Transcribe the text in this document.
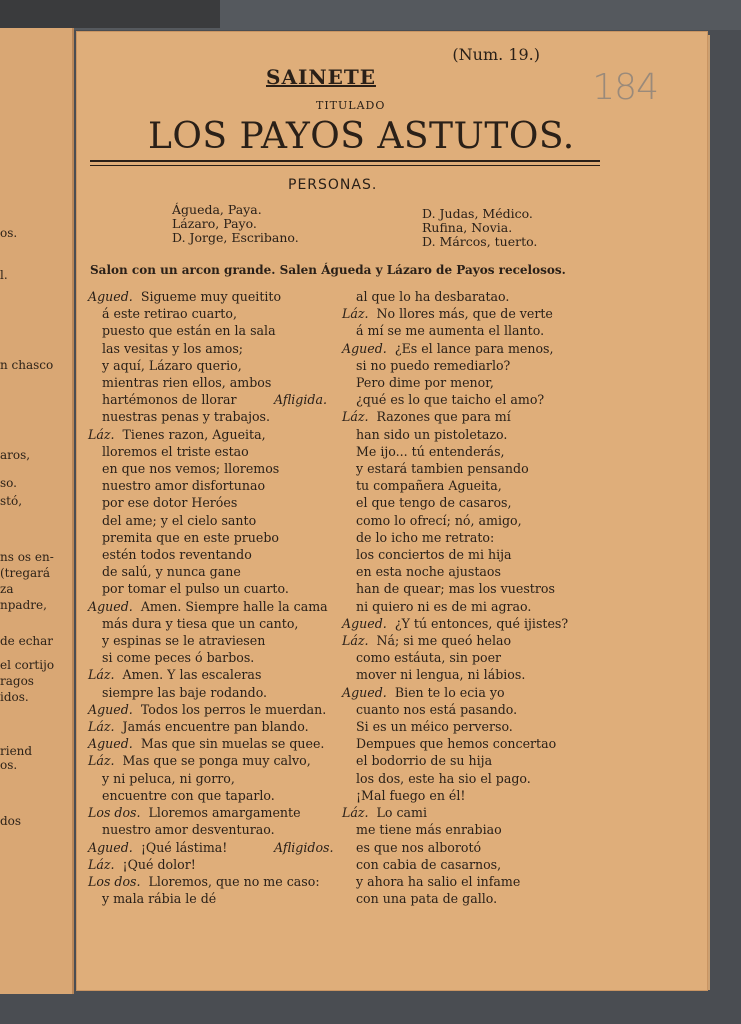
os.
l.
n chasco
aros,
so.
stó,
ns os en-
(tregará
za
npadre,
de echar
el cortijo
ragos
idos.
riend
os.
dos
(Num. 19.)
184
SAINETE
TITULADO
LOS PAYOS ASTUTOS.
PERSONAS.
Águeda, Paya.
Lázaro, Payo.
D. Jorge, Escribano.
D. Judas, Médico.
Rufina, Novia.
D. Márcos, tuerto.
Salon con un arcon grande. Salen Águeda y Lázaro de Payos recelosos.
Agued. Sigueme muy queitito
á este retirao cuarto,
puesto que están en la sala
las vesitas y los amos;
y aquí, Lázaro querio,
mientras rien ellos, ambos
hartémonos de llorar	Afligida.
nuestras penas y trabajos.
Láz. Tienes razon, Agueita,
lloremos el triste estao
en que nos vemos; lloremos
nuestro amor disfortunao
por ese dotor Heróes
del ame; y el cielo santo
premita que en este pruebo
estén todos reventando
de salú, y nunca gane
por tomar el pulso un cuarto.
Agued. Amen. Siempre halle la cama
más dura y tiesa que un canto,
y espinas se le atraviesen
si come peces ó barbos.
Láz. Amen. Y las escaleras
siempre las baje rodando.
Agued. Todos los perros le muerdan.
Láz. Jamás encuentre pan blando.
Agued. Mas que sin muelas se quee.
Láz. Mas que se ponga muy calvo,
y ni peluca, ni gorro,
encuentre con que taparlo.
Los dos. Lloremos amargamente
nuestro amor desventurao.
Agued. ¡Qué lástima!	Afligidos.
Láz. ¡Qué dolor!
Los dos. Lloremos, que no me caso:
y mala rábia le dé
al que lo ha desbaratao.
Láz. No llores más, que de verte
á mí se me aumenta el llanto.
Agued. ¿Es el lance para menos,
si no puedo remediarlo?
Pero dime por menor,
¿qué es lo que taicho el amo?
Láz. Razones que para mí
han sido un pistoletazo.
Me ijo... tú entenderás,
y estará tambien pensando
tu compañera Agueita,
el que tengo de casaros,
como lo ofrecí; nó, amigo,
de lo icho me retrato:
los conciertos de mi hija
en esta noche ajustaos
han de quear; mas los vuestros
ni quiero ni es de mi agrao.
Agued. ¿Y tú entonces, qué ijistes?
Láz. Ná; si me queó helao
como estáuta, sin poer
mover ni lengua, ni lábios.
Agued. Bien te lo ecia yo
cuanto nos está pasando.
Si es un méico perverso.
Dempues que hemos concertao
el bodorrio de su hija
los dos, este ha sio el pago.
¡Mal fuego en él!
Láz. Lo cami
me tiene más enrabiao
es que nos alborotó
con cabia de casarnos,
y ahora ha salio el infame
con una pata de gallo.
